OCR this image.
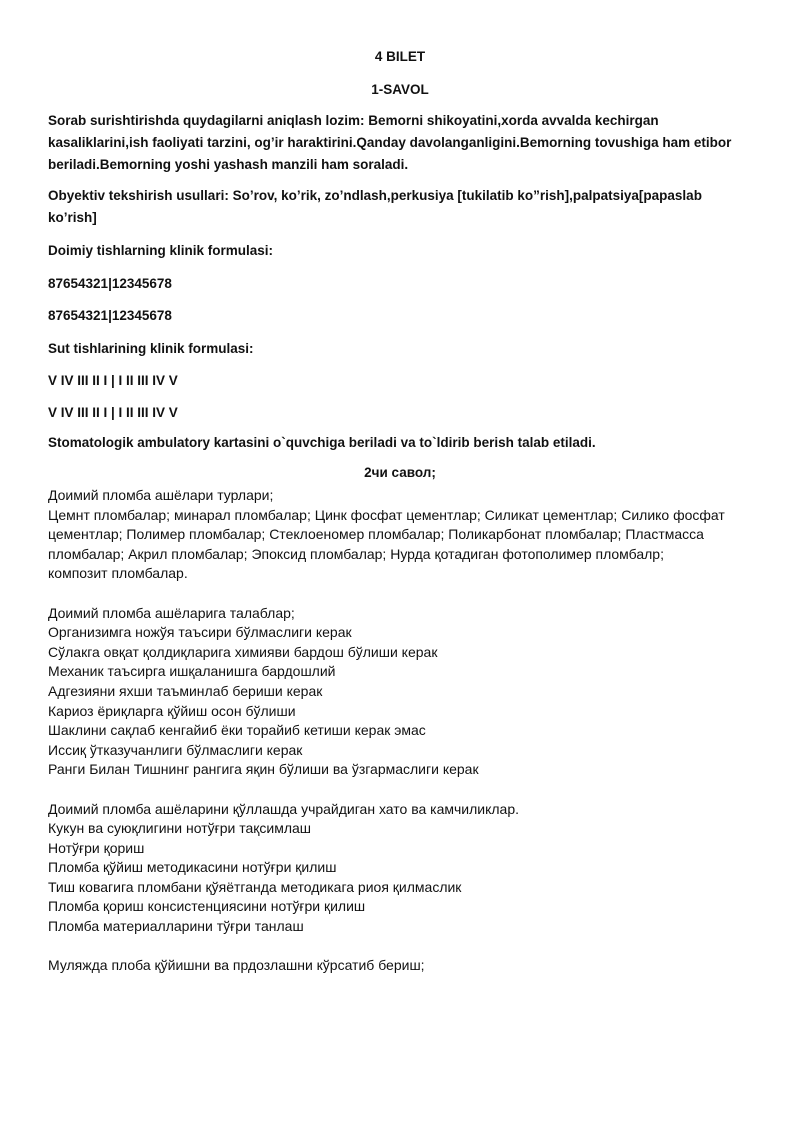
4 BILET
1-SAVOL
Sorab surishtirishda quydagilarni aniqlash lozim: Bemorni shikoyatini,xorda avvalda kechirgan kasaliklarini,ish faoliyati tarzini, og’ir haraktirini.Qanday davolanganligini.Bemorning tovushiga ham etibor beriladi.Bemorning yoshi yashash manzili ham soraladi.
Obyektiv tekshirish usullari: So’rov, ko’rik, zo’ndlash,perkusiya [tukilatib ko”rish],palpatsiya[papaslab ko’rish]
Doimiy tishlarning klinik formulasi:
87654321|12345678
87654321|12345678
Sut tishlarining klinik formulasi:
V IV III II I | I II III IV V
V IV III II I | I II III IV V
Stomatologik ambulatory kartasini o`quvchiga beriladi va to`ldirib berish talab etiladi.
2чи савол;
Доимий пломба ашёлари турлари;
Цемнт пломбалар; минарал пломбалар; Цинк фосфат цементлар; Силикат цементлар; Силико фосфат
цементлар; Полимер пломбалар; Стеклоеномер пломбалар; Поликарбонат пломбалар; Пластмасса
пломбалар; Акрил пломбалар; Эпоксид пломбалар; Нурда қотадиган фотополимер пломбалр;
композит пломбалар.
Доимий пломба ашёларига талаблар;
Организимга ножўя таъсири бўлмаслиги керак
Сўлакга овқат қолдиқларига химияви бардош бўлиши керак
Механик таъсирга ишқаланишга бардошлий
Адгезияни яхши таъминлаб бериши керак
Кариоз ёриқларга қўйиш осон бўлиши
Шаклини сақлаб кенгайиб ёки торайиб кетиши керак эмас
Иссиқ ўтказучанлиги бўлмаслиги керак
Ранги Билан Тишнинг рангига яқин бўлиши ва ўзгармаслиги керак
Доимий пломба ашёларини қўллашда учрайдиган хато ва камчиликлар.
Кукун ва суюқлигини нотўғри тақсимлаш
Нотўғри қориш
Пломба қўйиш методикасини нотўғри қилиш
Тиш ковагига пломбани қўяётганда методикага риоя қилмаслик
Пломба қориш консистенциясини нотўғри қилиш
Пломба материалларини тўғри танлаш
Муляжда плоба қўйишни ва прдозлашни кўрсатиб бериш;
